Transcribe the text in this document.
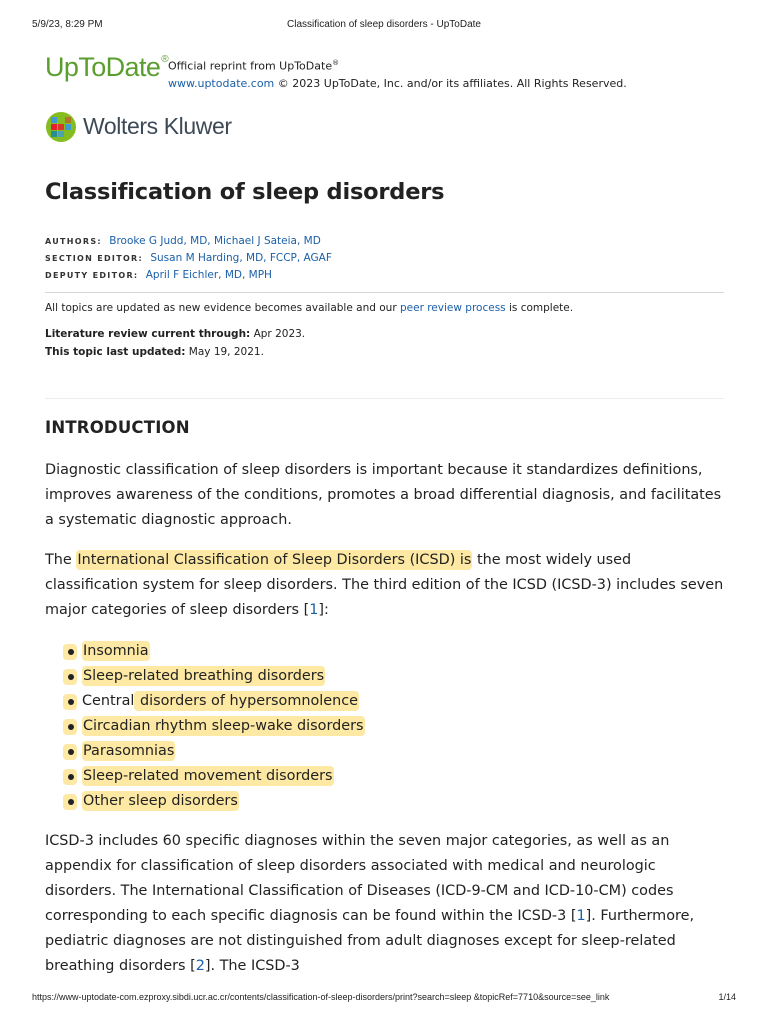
5/9/23, 8:29 PM	Classification of sleep disorders - UpToDate
UpToDate®
Official reprint from UpToDate®
www.uptodate.com © 2023 UpToDate, Inc. and/or its affiliates. All Rights Reserved.
Wolters Kluwer
Classification of sleep disorders
AUTHORS: Brooke G Judd, MD, Michael J Sateia, MD
SECTION EDITOR: Susan M Harding, MD, FCCP, AGAF
DEPUTY EDITOR: April F Eichler, MD, MPH
All topics are updated as new evidence becomes available and our peer review process is complete.
Literature review current through: Apr 2023.
This topic last updated: May 19, 2021.
INTRODUCTION

Diagnostic classification of sleep disorders is important because it standardizes definitions, improves awareness of the conditions, promotes a broad differential diagnosis, and facilitates a systematic diagnostic approach.

The International Classification of Sleep Disorders (ICSD) is the most widely used classification system for sleep disorders. The third edition of the ICSD (ICSD-3) includes seven major categories of sleep disorders [1]:

Insomnia
Sleep-related breathing disorders
Central disorders of hypersomnolence
Circadian rhythm sleep-wake disorders
Parasomnias
Sleep-related movement disorders
Other sleep disorders

ICSD-3 includes 60 specific diagnoses within the seven major categories, as well as an appendix for classification of sleep disorders associated with medical and neurologic disorders. The International Classification of Diseases (ICD-9-CM and ICD-10-CM) codes corresponding to each specific diagnosis can be found within the ICSD-3 [1]. Furthermore, pediatric diagnoses are not distinguished from adult diagnoses except for sleep-related breathing disorders [2]. The ICSD-3

https://www-uptodate-com.ezproxy.sibdi.ucr.ac.cr/contents/classification-of-sleep-disorders/print?search=sleep &topicRef=7710&source=see_link	1/14
